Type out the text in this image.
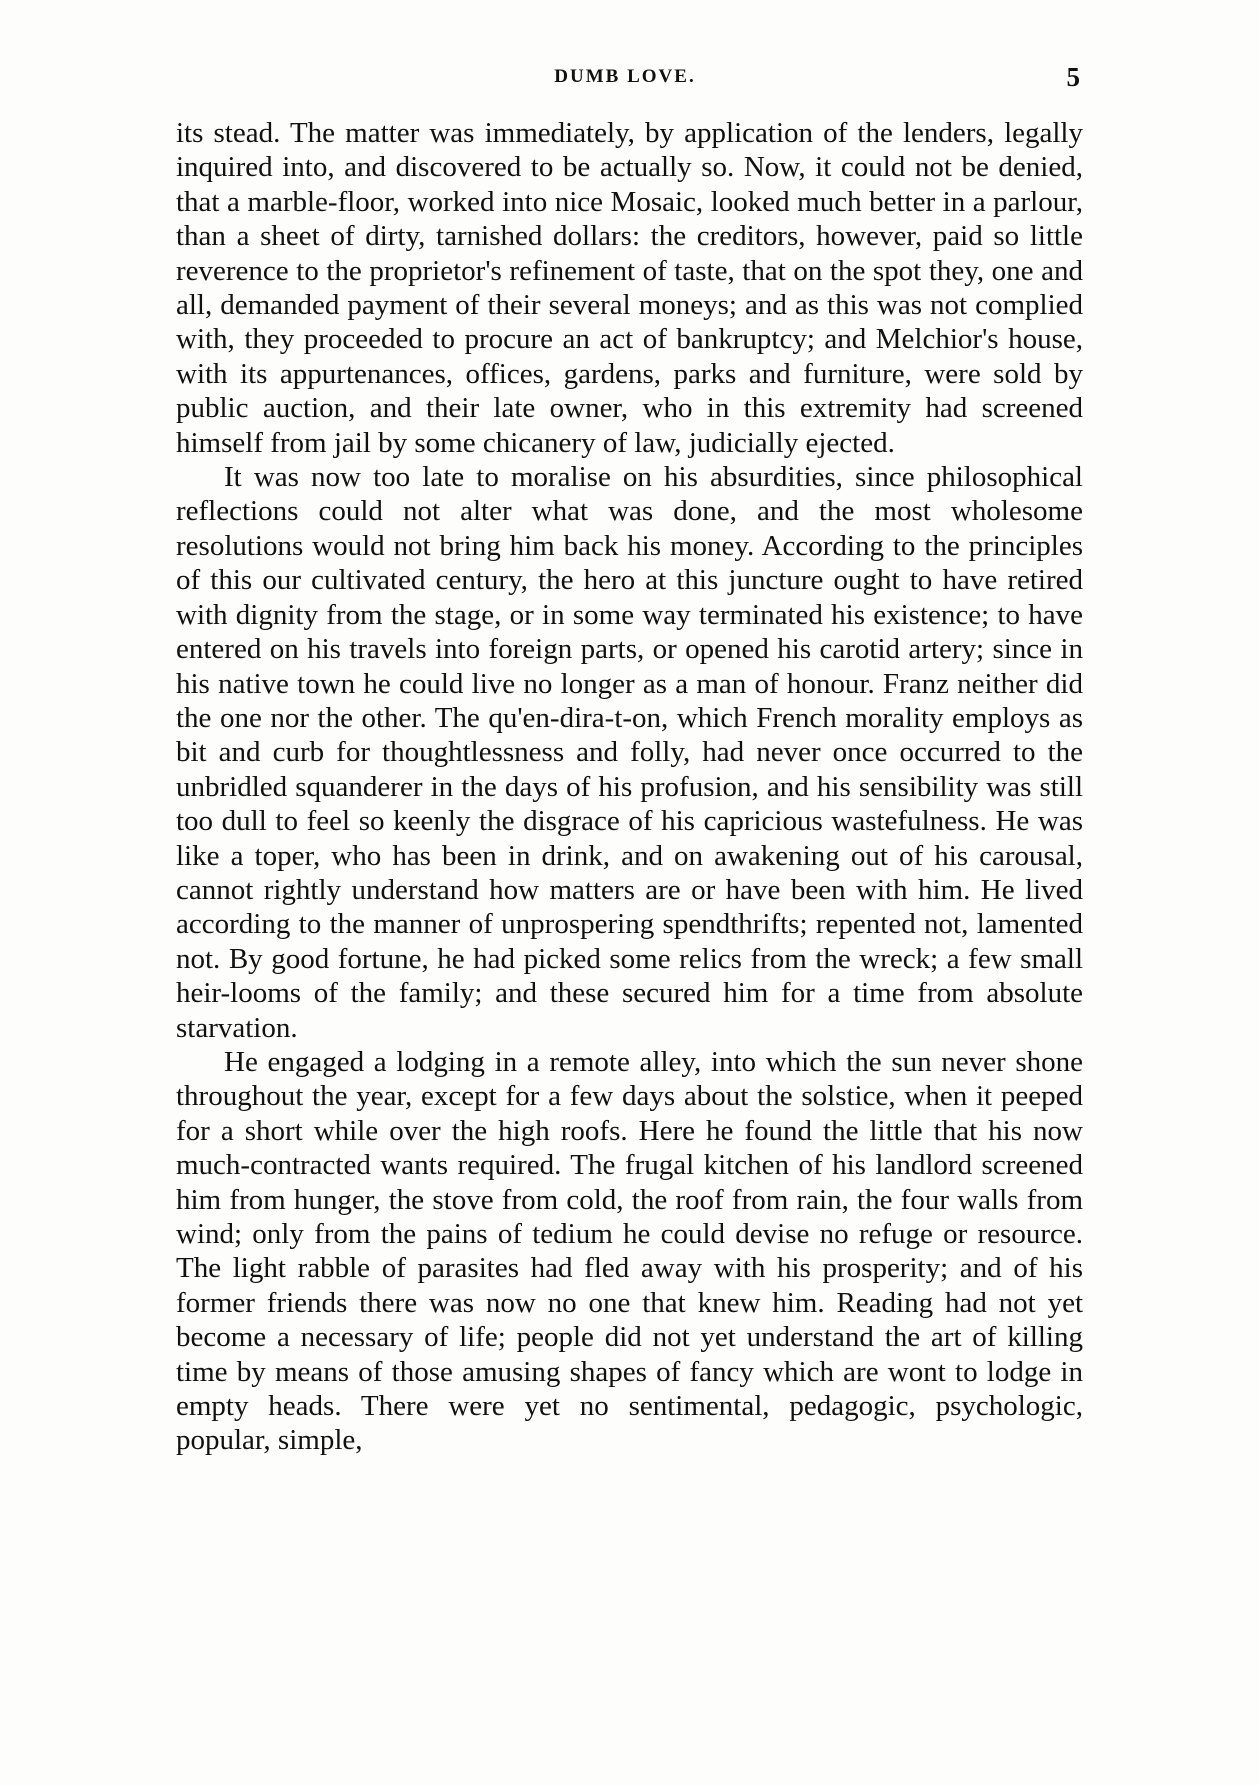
DUMB LOVE.	5

its stead. The matter was immediately, by application of the lenders, legally inquired into, and discovered to be actually so. Now, it could not be denied, that a marble-floor, worked into nice Mosaic, looked much better in a parlour, than a sheet of dirty, tarnished dollars: the creditors, however, paid so little reverence to the proprietor's refinement of taste, that on the spot they, one and all, demanded payment of their several moneys; and as this was not complied with, they proceeded to procure an act of bankruptcy; and Melchior's house, with its appurtenances, offices, gardens, parks and furniture, were sold by public auction, and their late owner, who in this extremity had screened himself from jail by some chicanery of law, judicially ejected.

It was now too late to moralise on his absurdities, since philosophical reflections could not alter what was done, and the most wholesome resolutions would not bring him back his money. According to the principles of this our cultivated century, the hero at this juncture ought to have retired with dignity from the stage, or in some way terminated his existence; to have entered on his travels into foreign parts, or opened his carotid artery; since in his native town he could live no longer as a man of honour. Franz neither did the one nor the other. The qu'en-dira-t-on, which French morality employs as bit and curb for thoughtlessness and folly, had never once occurred to the unbridled squanderer in the days of his profusion, and his sensibility was still too dull to feel so keenly the disgrace of his capricious wastefulness. He was like a toper, who has been in drink, and on awakening out of his carousal, cannot rightly understand how matters are or have been with him. He lived according to the manner of unprospering spendthrifts; repented not, lamented not. By good fortune, he had picked some relics from the wreck; a few small heir-looms of the family; and these secured him for a time from absolute starvation.

He engaged a lodging in a remote alley, into which the sun never shone throughout the year, except for a few days about the solstice, when it peeped for a short while over the high roofs. Here he found the little that his now much-contracted wants required. The frugal kitchen of his landlord screened him from hunger, the stove from cold, the roof from rain, the four walls from wind; only from the pains of tedium he could devise no refuge or resource. The light rabble of parasites had fled away with his prosperity; and of his former friends there was now no one that knew him. Reading had not yet become a necessary of life; people did not yet understand the art of killing time by means of those amusing shapes of fancy which are wont to lodge in empty heads. There were yet no sentimental, pedagogic, psychologic, popular, simple,
